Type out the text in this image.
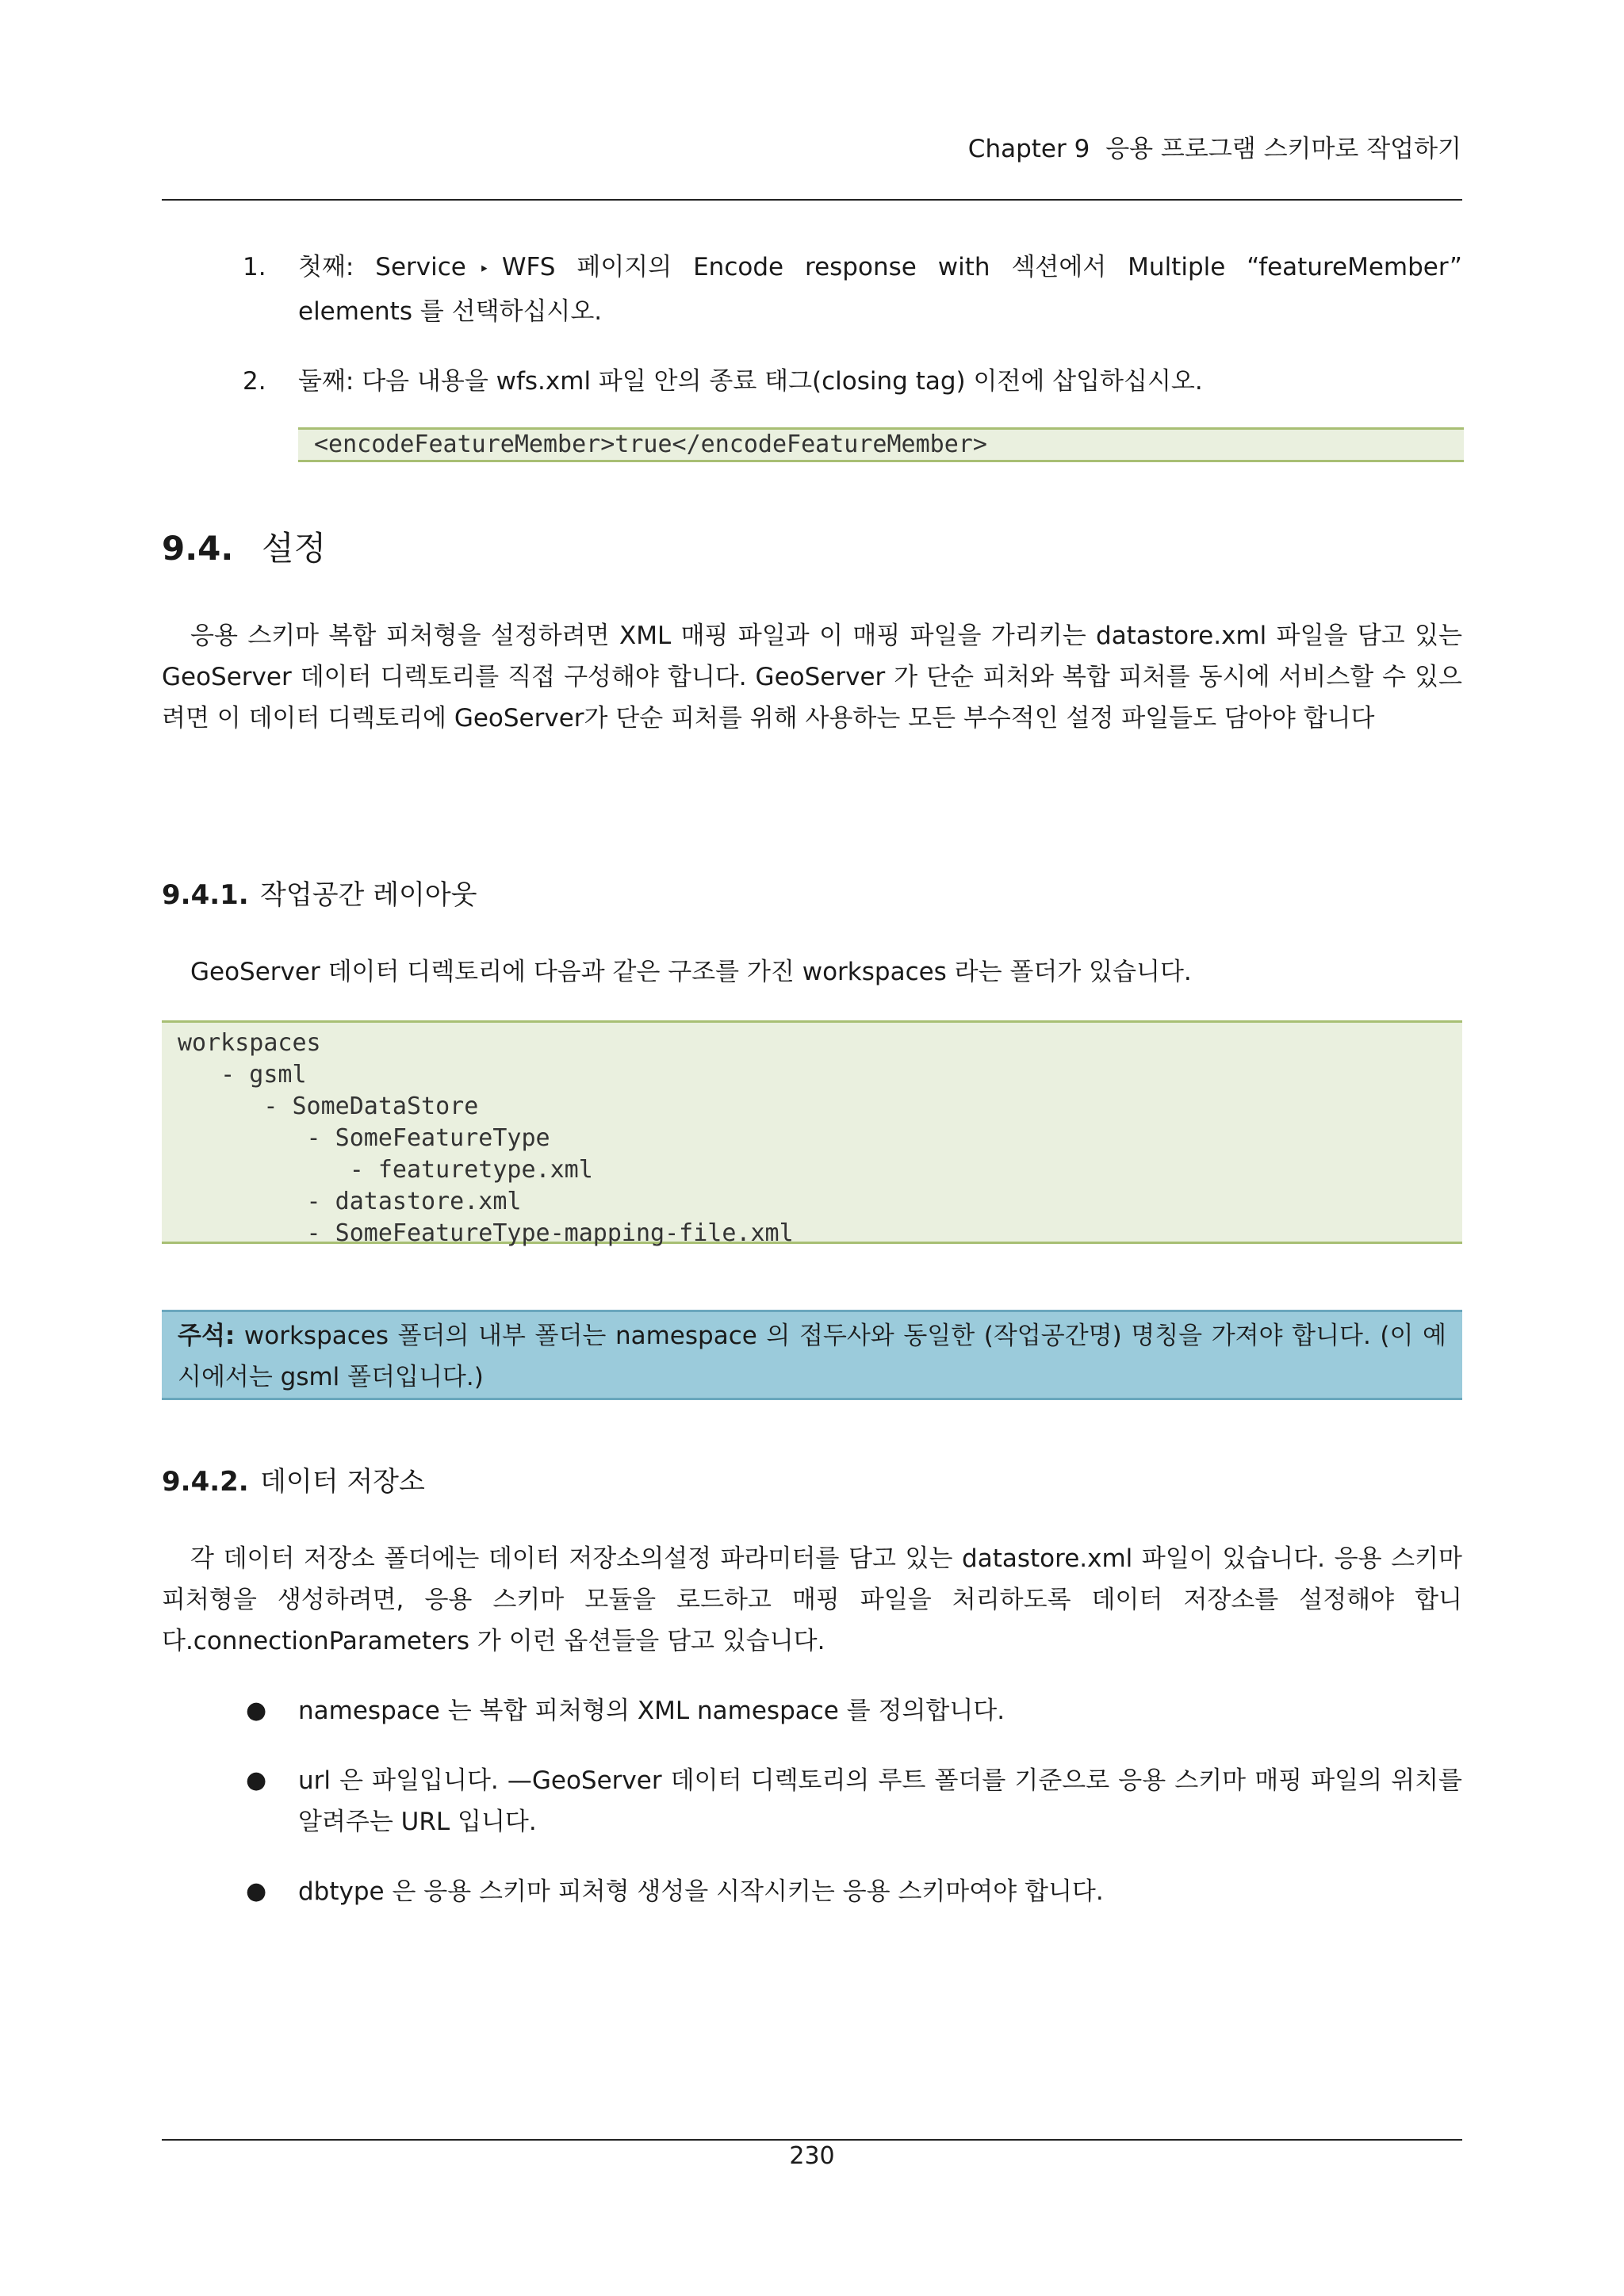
Chapter 9 응용 프로그램 스키마로 작업하기
1. 첫째: Service ‣ WFS 페이지의 Encode response with 섹션에서 Multiple “featureMember” elements 를 선택하십시오.
2. 둘째: 다음 내용을 wfs.xml 파일 안의 종료 태그(closing tag) 이전에 삽입하십시오.
<encodeFeatureMember>true</encodeFeatureMember>
9.4. 설정

응용 스키마 복합 피처형을 설정하려면 XML 매핑 파일과 이 매핑 파일을 가리키는 datastore.xml 파일을 담고 있는 GeoServer 데이터 디렉토리를 직접 구성해야 합니다. GeoServer 가 단순 피처와 복합 피처를 동시에 서비스할 수 있으려면 이 데이터 디렉토리에 GeoServer가 단순 피처를 위해 사용하는 모든 부수적인 설정 파일들도 담아야 합니다

9.4.1. 작업공간 레이아웃

GeoServer 데이터 디렉토리에 다음과 같은 구조를 가진 workspaces 라는 폴더가 있습니다.

workspaces
- gsml
- SomeDataStore
- SomeFeatureType
- featuretype.xml
- datastore.xml
- SomeFeatureType-mapping-file.xml
주석: workspaces 폴더의 내부 폴더는 namespace 의 접두사와 동일한 (작업공간명) 명칭을 가져야 합니다. (이 예시에서는 gsml 폴더입니다.)
9.4.2. 데이터 저장소

각 데이터 저장소 폴더에는 데이터 저장소의설정 파라미터를 담고 있는 datastore.xml 파일이 있습니다. 응용 스키마 피처형을 생성하려면, 응용 스키마 모듈을 로드하고 매핑 파일을 처리하도록 데이터 저장소를 설정해야 합니다.connectionParameters 가 이런 옵션들을 담고 있습니다.

● namespace 는 복합 피처형의 XML namespace 를 정의합니다.
● url 은 파일입니다. —GeoServer 데이터 디렉토리의 루트 폴더를 기준으로 응용 스키마 매핑 파일의 위치를 알려주는 URL 입니다.
● dbtype 은 응용 스키마 피처형 생성을 시작시키는 응용 스키마여야 합니다.
230
